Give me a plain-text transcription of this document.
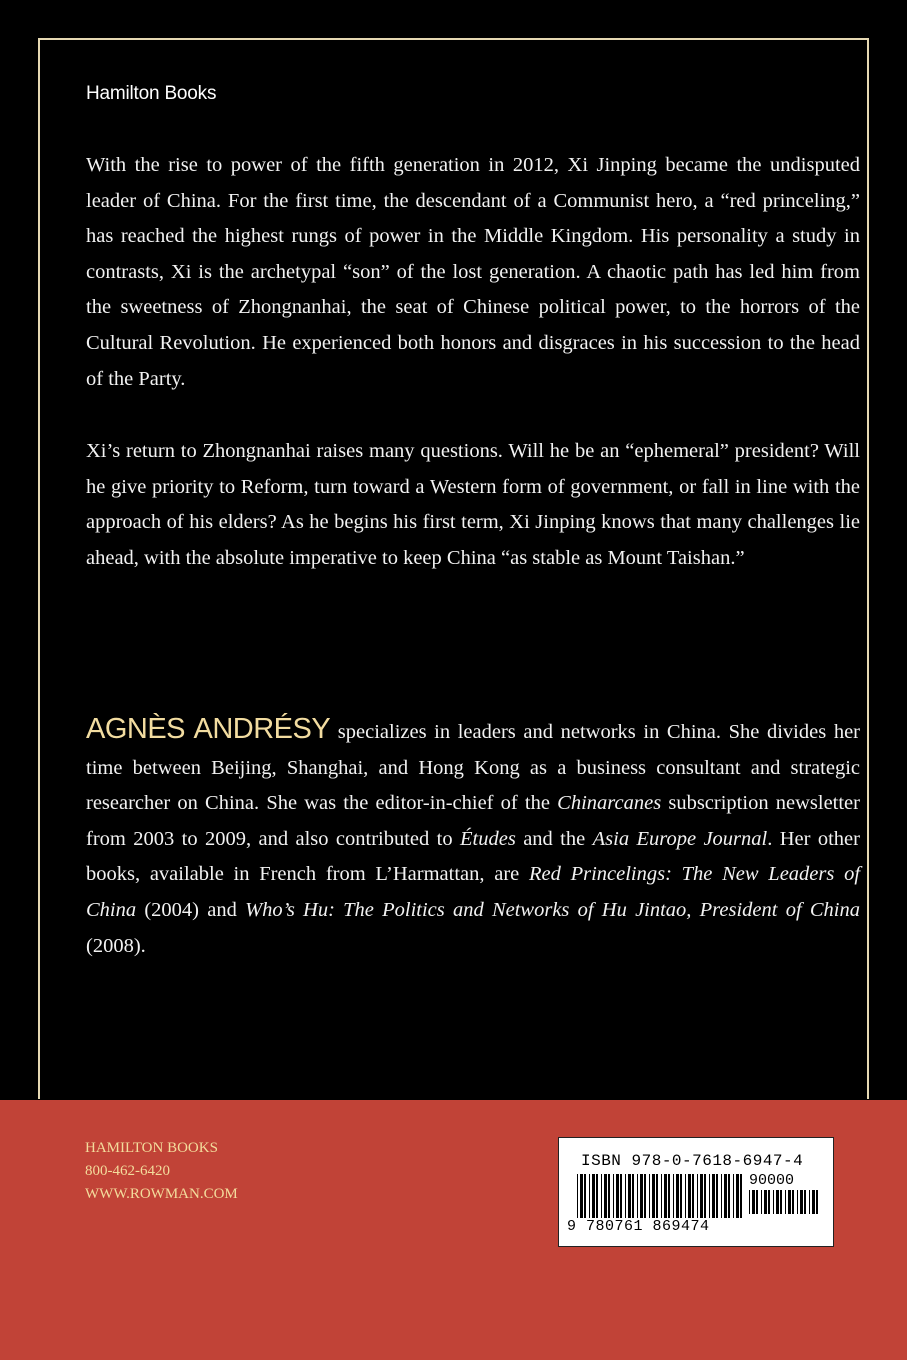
Hamilton Books

With the rise to power of the fifth generation in 2012, Xi Jinping became the undisputed leader of China. For the first time, the descendant of a Communist hero, a “red princeling,” has reached the highest rungs of power in the Middle Kingdom. His personality a study in contrasts, Xi is the archetypal “son” of the lost generation. A chaotic path has led him from the sweetness of Zhongnanhai, the seat of Chinese political power, to the horrors of the Cultural Revolution. He experienced both honors and disgraces in his succession to the head of the Party.

Xi’s return to Zhongnanhai raises many questions. Will he be an “ephemeral” president? Will he give priority to Reform, turn toward a Western form of government, or fall in line with the approach of his elders? As he begins his first term, Xi Jinping knows that many challenges lie ahead, with the absolute imperative to keep China “as stable as Mount Taishan.”

AGNÈS ANDRÉSY specializes in leaders and networks in China. She divides her time between Beijing, Shanghai, and Hong Kong as a business consultant and strategic researcher on China. She was the editor-in-chief of the Chinarcanes subscription newsletter from 2003 to 2009, and also contributed to Études and the Asia Europe Journal. Her other books, available in French from L’Harmattan, are Red Princelings: The New Leaders of China (2004) and Who’s Hu: The Politics and Networks of Hu Jintao, President of China (2008).

HAMILTON BOOKS
800-462-6420
WWW.ROWMAN.COM
ISBN 978-0-7618-6947-4
90000
9 780761 869474
